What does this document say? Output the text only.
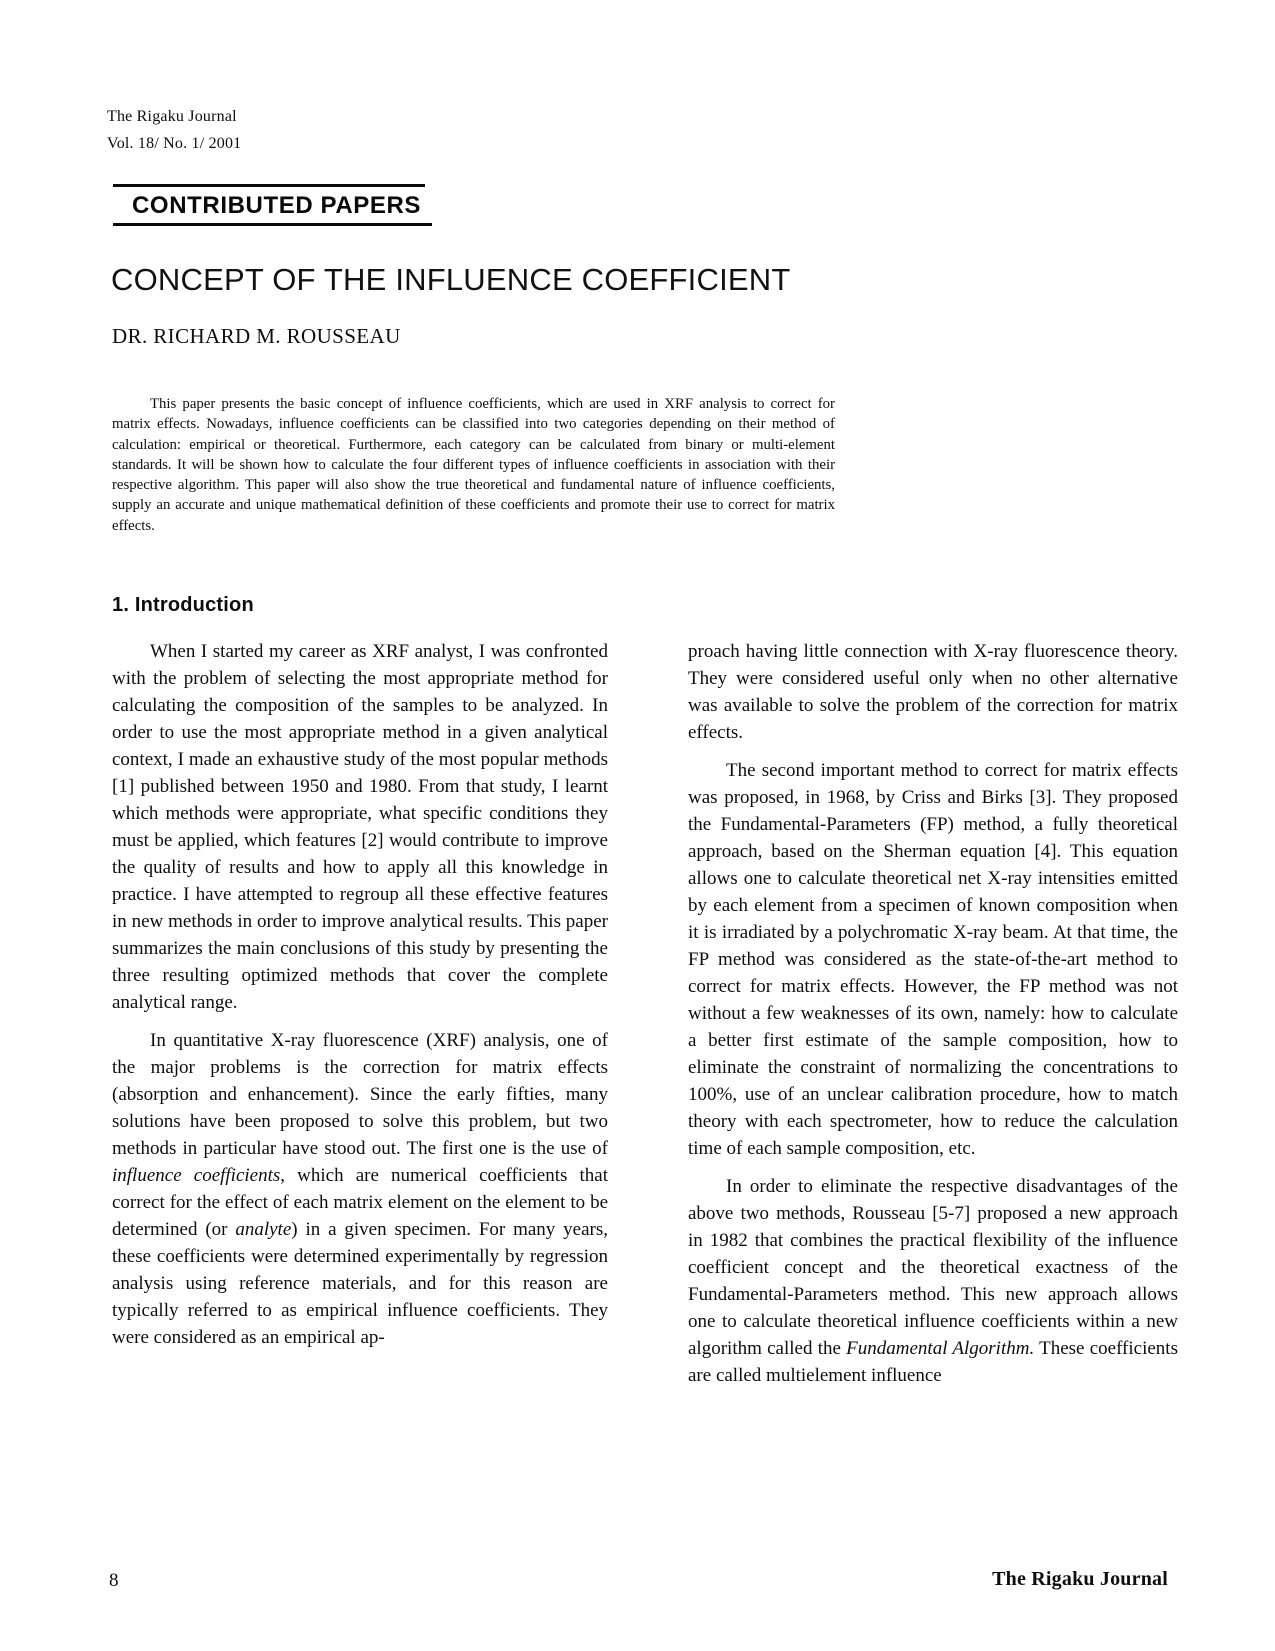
The Rigaku Journal
Vol. 18/ No. 1/ 2001
CONTRIBUTED PAPERS
CONCEPT OF THE INFLUENCE COEFFICIENT
DR. RICHARD M. ROUSSEAU

This paper presents the basic concept of influence coefficients, which are used in XRF analysis to correct for matrix effects. Nowadays, influence coefficients can be classified into two categories depending on their method of calculation: empirical or theoretical. Furthermore, each category can be calculated from binary or multi-element standards. It will be shown how to calculate the four different types of influence coefficients in association with their respective algorithm. This paper will also show the true theoretical and fundamental nature of influence coefficients, supply an accurate and unique mathematical definition of these coefficients and promote their use to correct for matrix effects.

1. Introduction

When I started my career as XRF analyst, I was confronted with the problem of selecting the most appropriate method for calculating the composition of the samples to be analyzed. In order to use the most appropriate method in a given analytical context, I made an exhaustive study of the most popular methods [1] published between 1950 and 1980. From that study, I learnt which methods were appropriate, what specific conditions they must be applied, which features [2] would contribute to improve the quality of results and how to apply all this knowledge in practice. I have attempted to regroup all these effective features in new methods in order to improve analytical results. This paper summarizes the main conclusions of this study by presenting the three resulting optimized methods that cover the complete analytical range.

In quantitative X-ray fluorescence (XRF) analysis, one of the major problems is the correction for matrix effects (absorption and enhancement). Since the early fifties, many solutions have been proposed to solve this problem, but two methods in particular have stood out. The first one is the use of influence coefficients, which are numerical coefficients that correct for the effect of each matrix element on the element to be determined (or analyte) in a given specimen. For many years, these coefficients were determined experimentally by regression analysis using reference materials, and for this reason are typically referred to as empirical influence coefficients. They were considered as an empirical ap-

proach having little connection with X-ray fluorescence theory. They were considered useful only when no other alternative was available to solve the problem of the correction for matrix effects.

The second important method to correct for matrix effects was proposed, in 1968, by Criss and Birks [3]. They proposed the Fundamental-Parameters (FP) method, a fully theoretical approach, based on the Sherman equation [4]. This equation allows one to calculate theoretical net X-ray intensities emitted by each element from a specimen of known composition when it is irradiated by a polychromatic X-ray beam. At that time, the FP method was considered as the state-of-the-art method to correct for matrix effects. However, the FP method was not without a few weaknesses of its own, namely: how to calculate a better first estimate of the sample composition, how to eliminate the constraint of normalizing the concentrations to 100%, use of an unclear calibration procedure, how to match theory with each spectrometer, how to reduce the calculation time of each sample composition, etc.

In order to eliminate the respective disadvantages of the above two methods, Rousseau [5-7] proposed a new approach in 1982 that combines the practical flexibility of the influence coefficient concept and the theoretical exactness of the Fundamental-Parameters method. This new approach allows one to calculate theoretical influence coefficients within a new algorithm called the Fundamental Algorithm. These coefficients are called multielement influence

8	The Rigaku Journal
